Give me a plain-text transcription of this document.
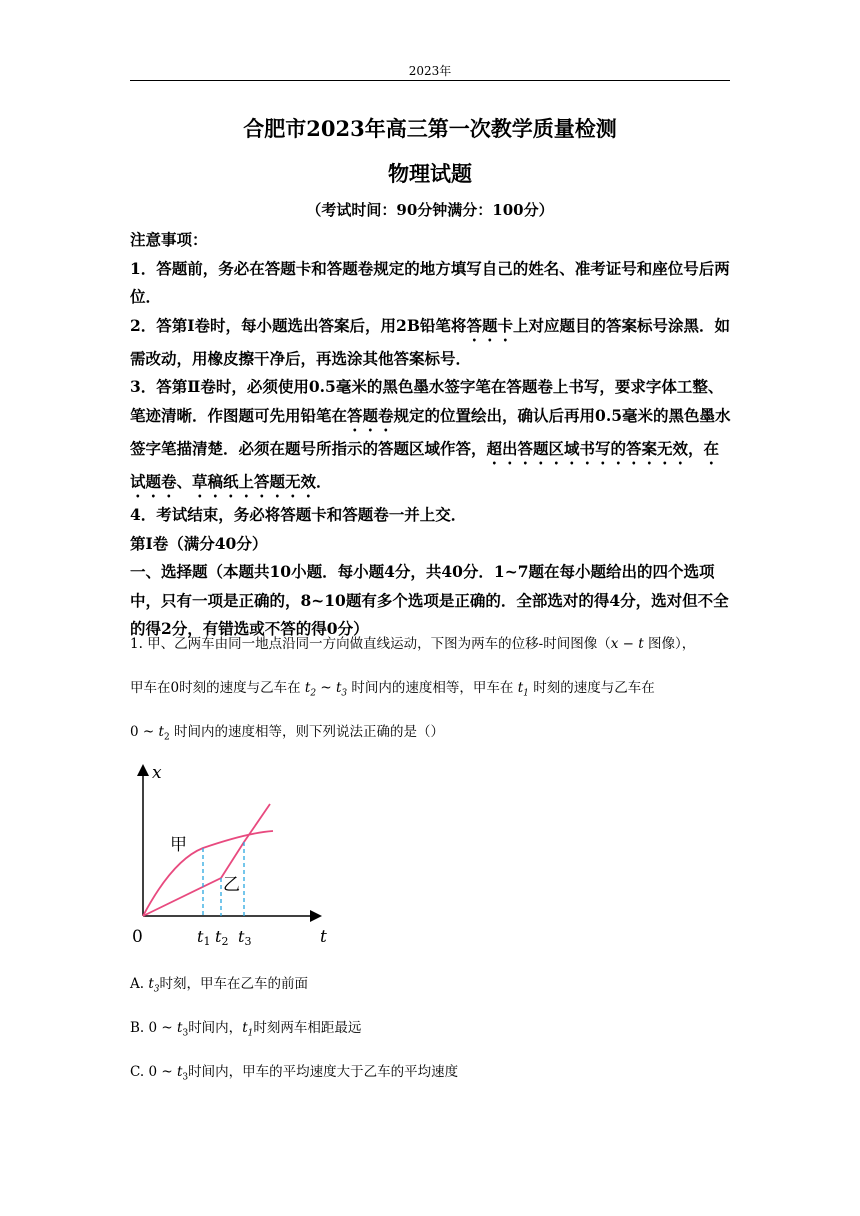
2023年
合肥市2023年高三第一次教学质量检测
物理试题
（考试时间：90分钟满分：100分）

注意事项：

1．答题前，务必在答题卡和答题卷规定的地方填写自己的姓名、准考证号和座位号后两位．

2．答第Ⅰ卷时，每小题选出答案后，用2B铅笔将答题卡上对应题目的答案标号涂黑．如需改动，用橡皮擦干净后，再选涂其他答案标号．

3．答第Ⅱ卷时，必须使用0.5毫米的黑色墨水签字笔在答题卷上书写，要求字体工整、笔迹清晰．作图题可先用铅笔在答题卷规定的位置绘出，确认后再用0.5毫米的黑色墨水签字笔描清楚．必须在题号所指示的答题区域作答，超出答题区域书写的答案无效，在试题卷、草稿纸上答题无效．

4．考试结束，务必将答题卡和答题卷一并上交．

第Ⅰ卷（满分40分）

一、选择题（本题共10小题．每小题4分，共40分．1~7题在每小题给出的四个选项中，只有一项是正确的，8~10题有多个选项是正确的．全部选对的得4分，选对但不全的得2分，有错选或不答的得0分）

1. 甲、乙两车由同一地点沿同一方向做直线运动，下图为两车的位移-时间图像（x − t 图像），
甲车在0时刻的速度与乙车在 $t_2$ ~ $t_3$ 时间内的速度相等，甲车在 $t_1$ 时刻的速度与乙车在
0 ~ $t_2$ 时间内的速度相等，则下列说法正确的是（）
x
t
0
甲
乙
t1 t2 t3
A. $t_3$时刻，甲车在乙车的前面
B. 0 ~ $t_3$时间内，$t_1$时刻两车相距最远
C. 0 ~ $t_3$时间内，甲车的平均速度大于乙车的平均速度
